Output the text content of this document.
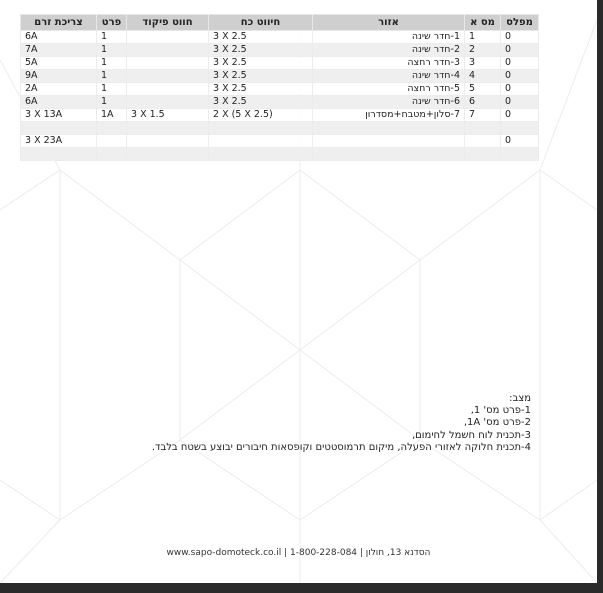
מפלס	מס א	אזור	חיווט כח	חווט פיקוד	פרט	צריכת זרם
0	1	1-חדר שינה	3 X 2.5		1	6A
0	2	2-חדר שינה	3 X 2.5		1	7A
0	3	3-חדר רחצה	3 X 2.5		1	5A
0	4	4-חדר שינה	3 X 2.5		1	9A
0	5	5-חדר רחצה	3 X 2.5		1	2A
0	6	6-חדר שינה	3 X 2.5		1	6A
0	7	7-סלון+מטבח+מסדרון	2 X (5 X 2.5)	3 X 1.5	1A	3 X 13A

0						3 X 23A

מצב:
1-פרט מס' 1,
2-פרט מס' 1A,
3-תכנית לוח חשמל לחימום,
4-תכנית חלוקה לאזורי הפעלה, מיקום תרמוסטטים וקופסאות חיבורים יבוצע בשטח בלבד.
הסדנא 13, חולון | 1-800-228-084 | www.sapo-domoteck.co.il
